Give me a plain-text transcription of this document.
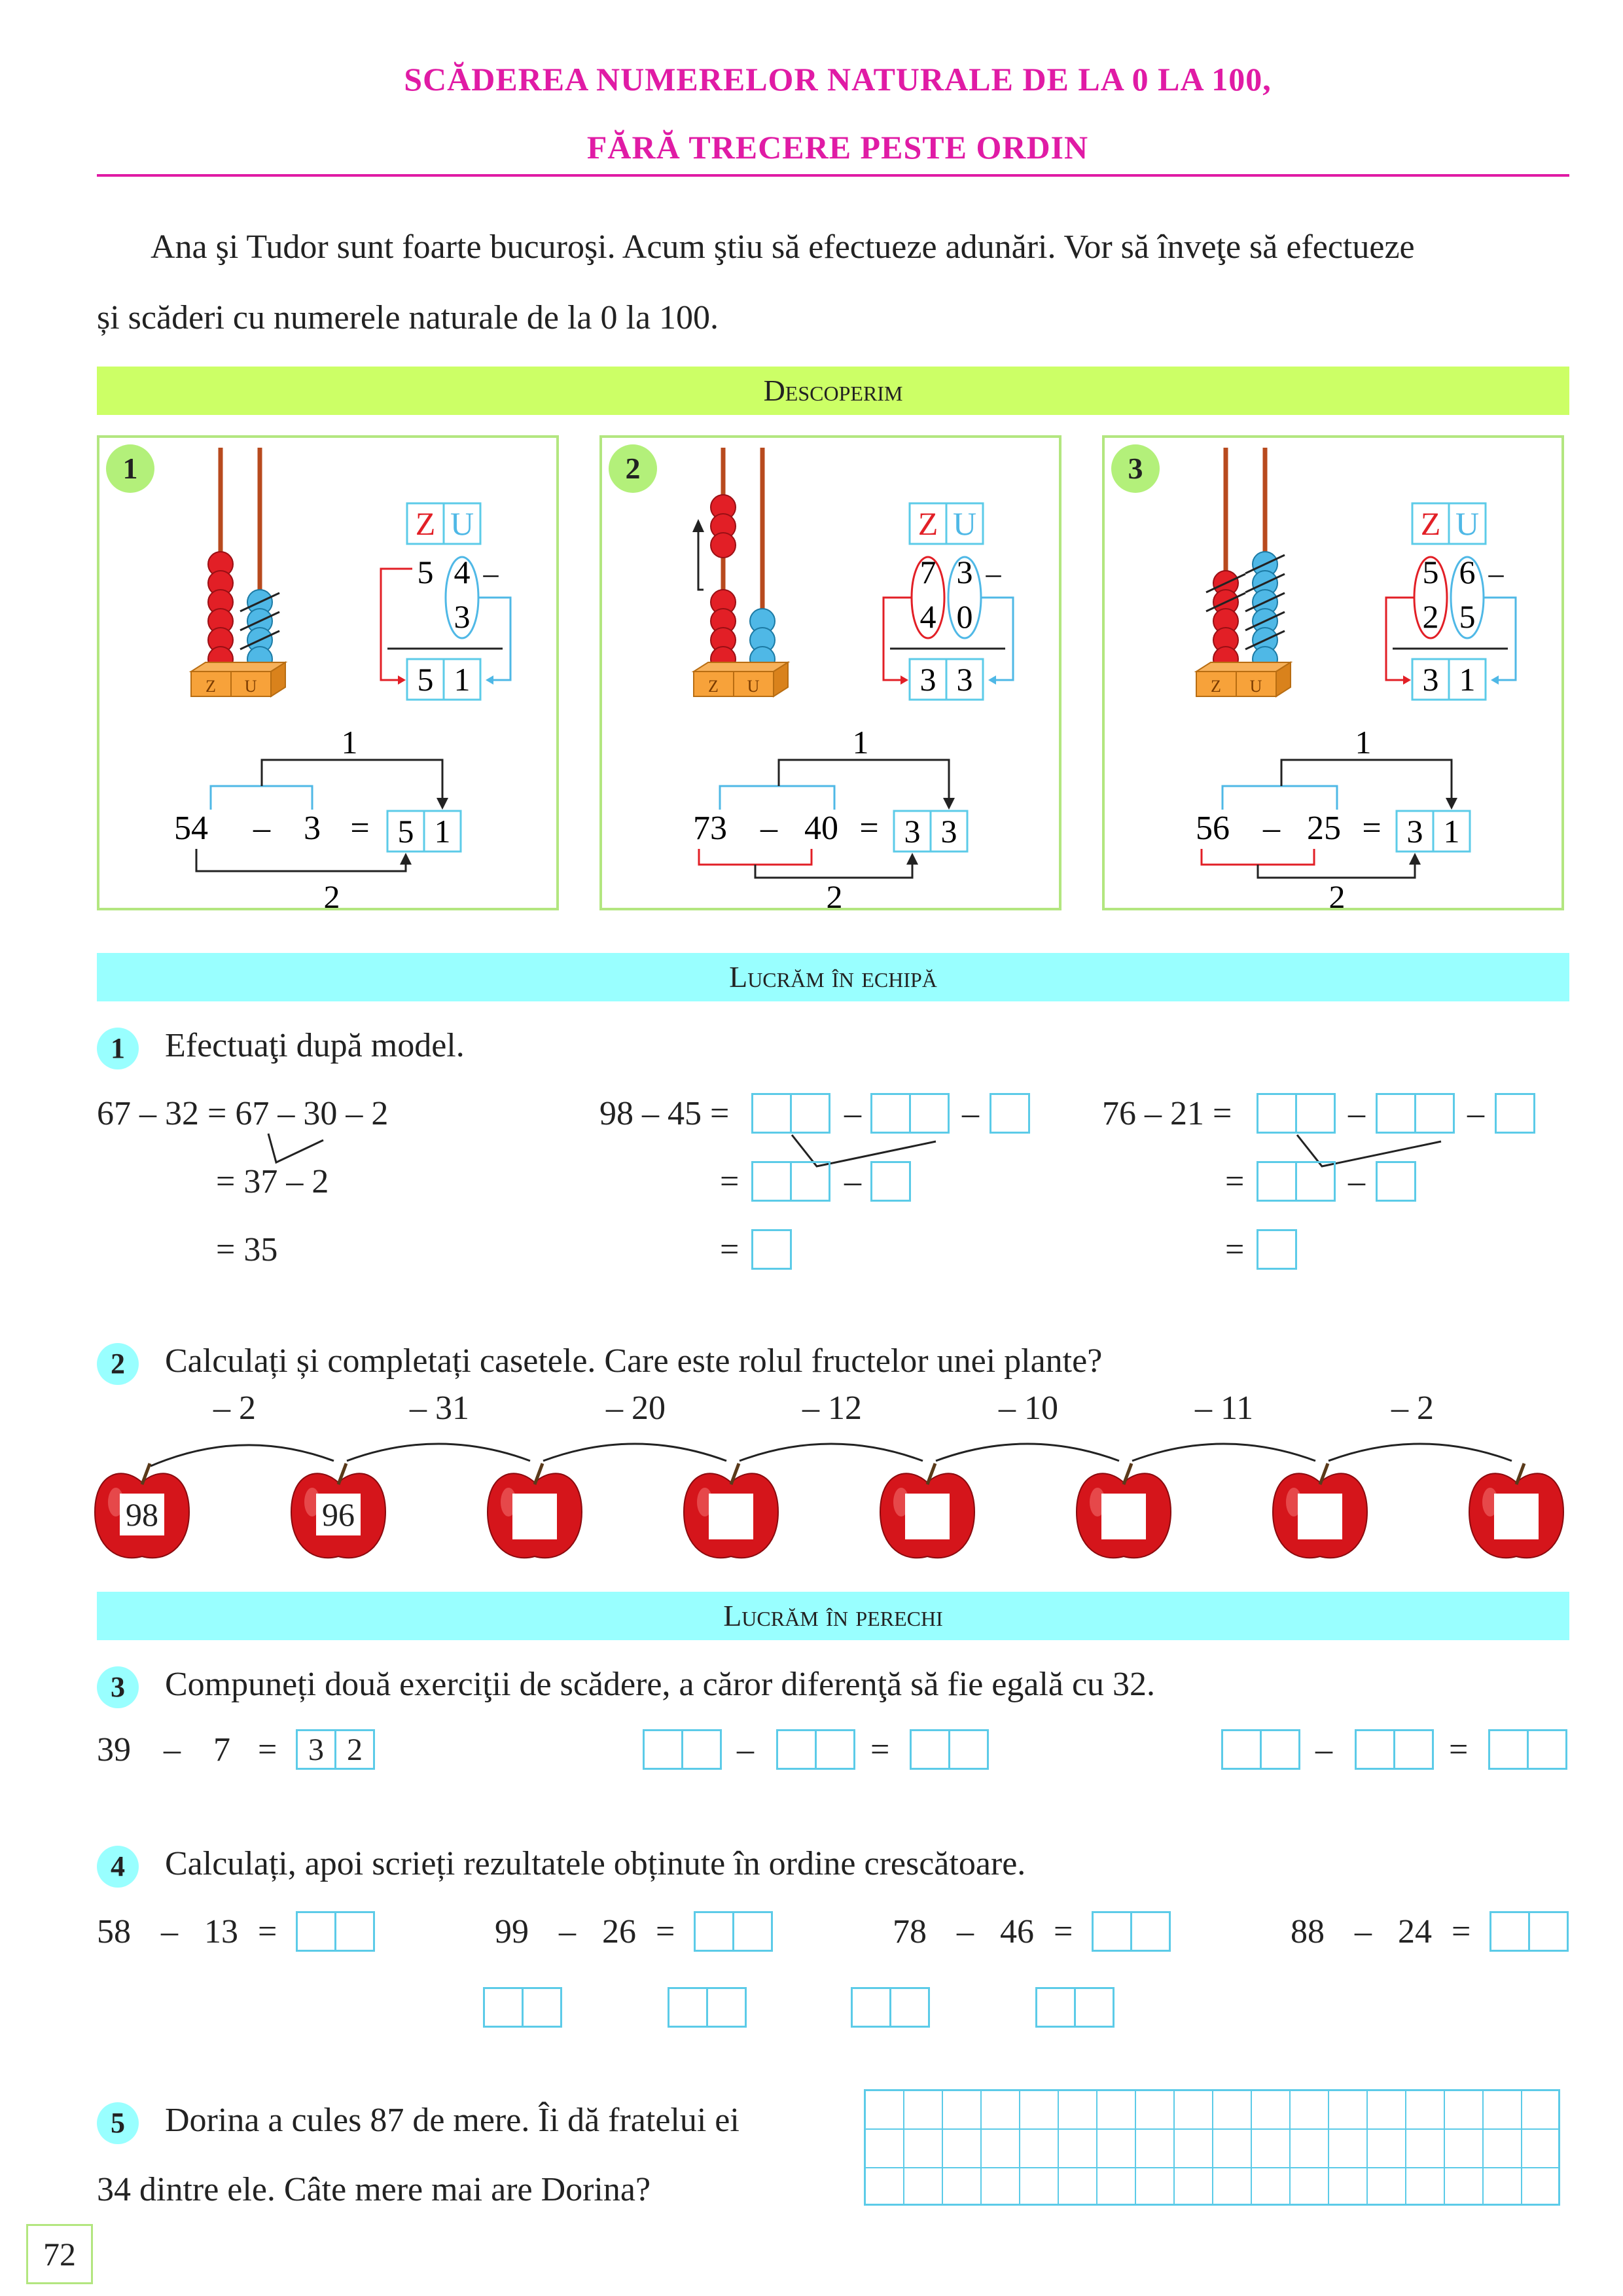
SCĂDEREA NUMERELOR NATURALE DE LA 0 LA 100,
FĂRĂ TRECERE PESTE ORDIN
Ana şi Tudor sunt foarte bucuroşi. Acum ştiu să efectueze adunări. Vor să înveţe să efectueze
și scăderi cu numerele naturale de la 0 la 100.
Descoperim
1
Z U
Z U
5 4 –
3
5 1
54 – 3 = 5 1
1
2
2
Z U
Z U
7 3 –
4 0
3 3
73 – 40 = 3 3
1
2
3
Z U
Z U
5 6 –
2 5
3 1
56 – 25 = 3 1
1
2
Lucrăm în echipă
1	Efectuaţi după model.
67 – 32 = 67 – 30 – 2
= 37 – 2
= 35
98 – 45 =	–	–
=	–
=
76 – 21 =	–	–
=	–
=
2	Calculați și completați casetele. Care este rolul fructelor unei plante?
– 2	– 31	– 20	– 12	– 10	– 11	– 2
98	96
Lucrăm în perechi
3	Compuneți două exerciţii de scădere, a căror diferenţă să fie egală cu 32.
39 – 7 = 3 2	–	=	–	=
4	Calculați, apoi scrieți rezultatele obținute în ordine crescătoare.
58 – 13 =	99 – 26 =	78 – 46 =	88 – 24 =
5	Dorina a cules 87 de mere. Îi dă fratelui ei
34 dintre ele. Câte mere mai are Dorina?
72
